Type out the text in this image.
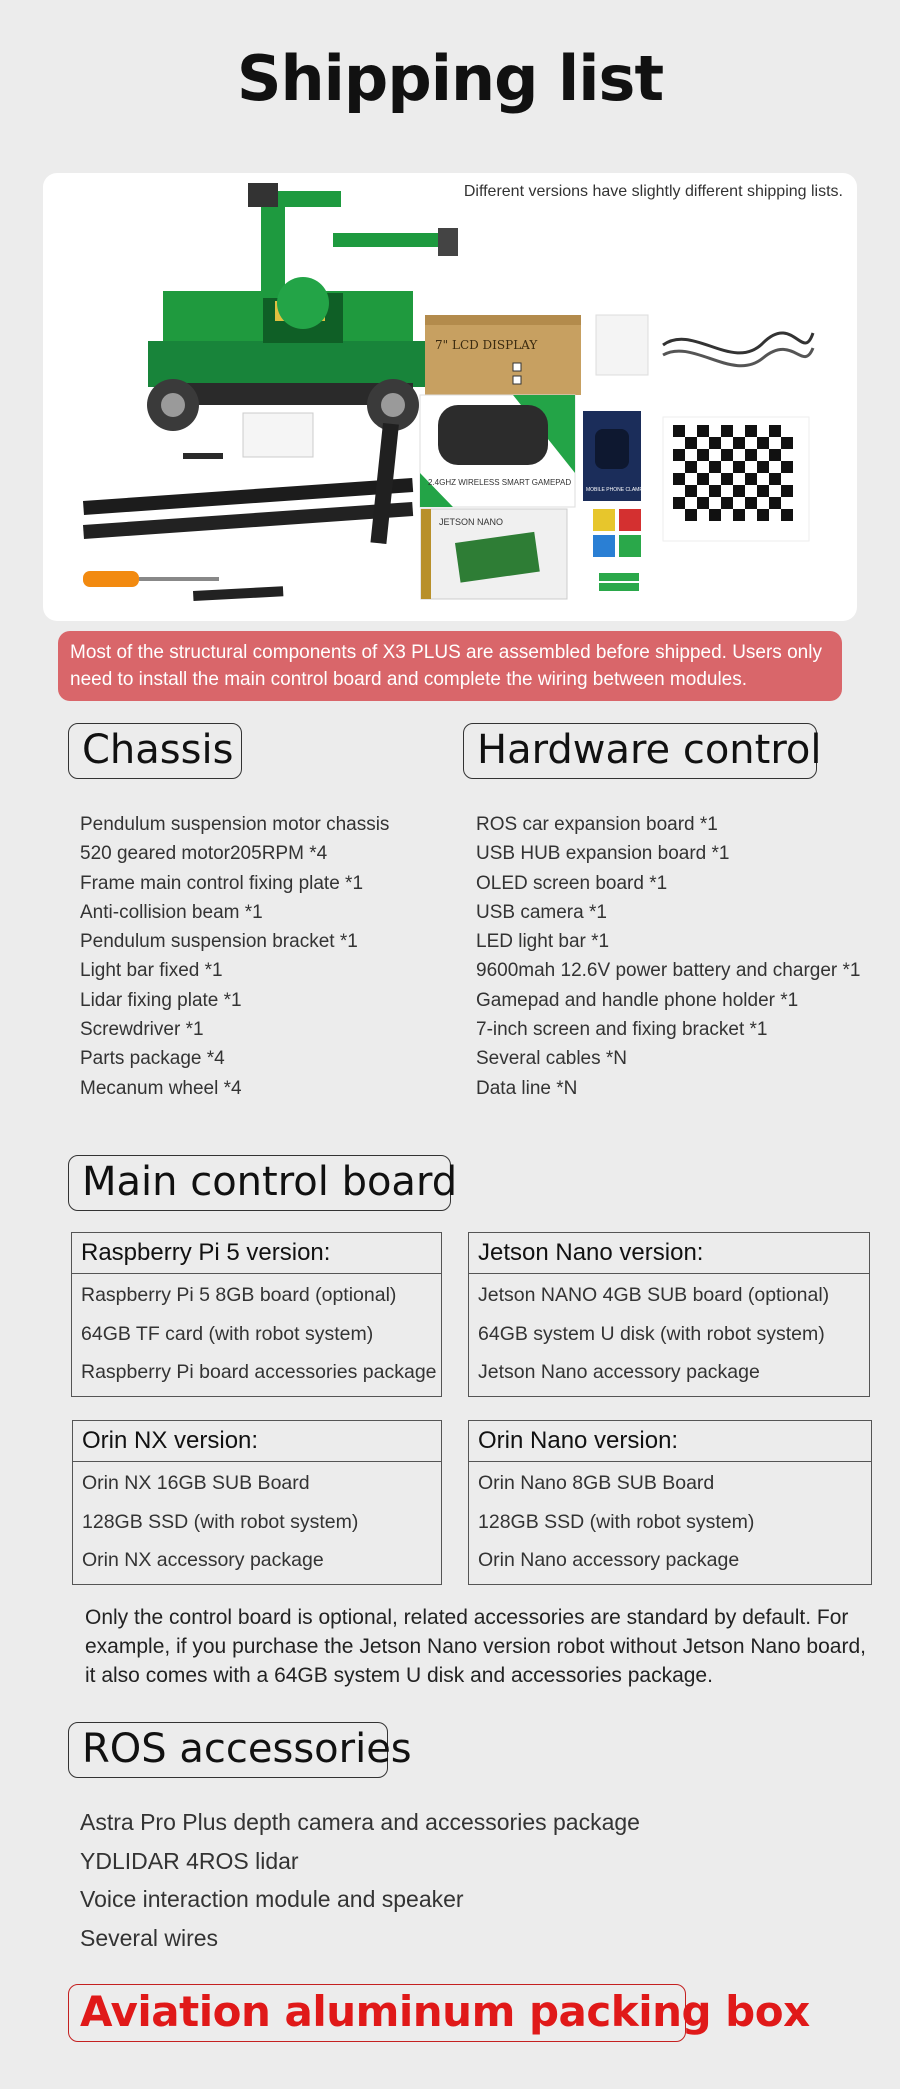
Shipping list
Different versions have slightly different shipping lists.
7" LCD DISPLAY
2.4GHZ WIRELESS SMART GAMEPAD
JETSON NANO
MOBILE PHONE CLAMP
Most of the structural components of X3 PLUS are assembled before shipped. Users only need to install the main control board and complete the wiring between modules.
Chassis
Pendulum suspension motor chassis
520 geared motor205RPM *4
Frame main control fixing plate *1
Anti-collision beam *1
Pendulum suspension bracket *1
Light bar fixed *1
Lidar fixing plate *1
Screwdriver *1
Parts package *4
Mecanum wheel *4
Hardware control
ROS car expansion board *1
USB HUB expansion board *1
OLED screen board *1
USB camera *1
LED light bar *1
9600mah 12.6V power battery and charger *1
Gamepad and handle phone holder *1
7-inch screen and fixing bracket *1
Several cables *N
Data line *N
Main control board
Raspberry Pi 5 version:
Raspberry Pi 5 8GB board (optional)
64GB TF card (with robot system)
Raspberry Pi board accessories package
Jetson Nano version:
Jetson NANO 4GB SUB board (optional)
64GB system U disk (with robot system)
Jetson Nano accessory package
Orin NX version:
Orin NX 16GB SUB Board
128GB SSD (with robot system)
Orin NX accessory package
Orin Nano version:
Orin Nano 8GB SUB Board
128GB SSD (with robot system)
Orin Nano accessory package
Only the control board is optional, related accessories are standard by default. For example, if you purchase the Jetson Nano version robot without Jetson Nano board, it also comes with a 64GB system U disk and accessories package.
ROS accessories
Astra Pro Plus depth camera and accessories package
YDLIDAR 4ROS lidar
Voice interaction module and speaker
Several wires
Aviation aluminum packing box
